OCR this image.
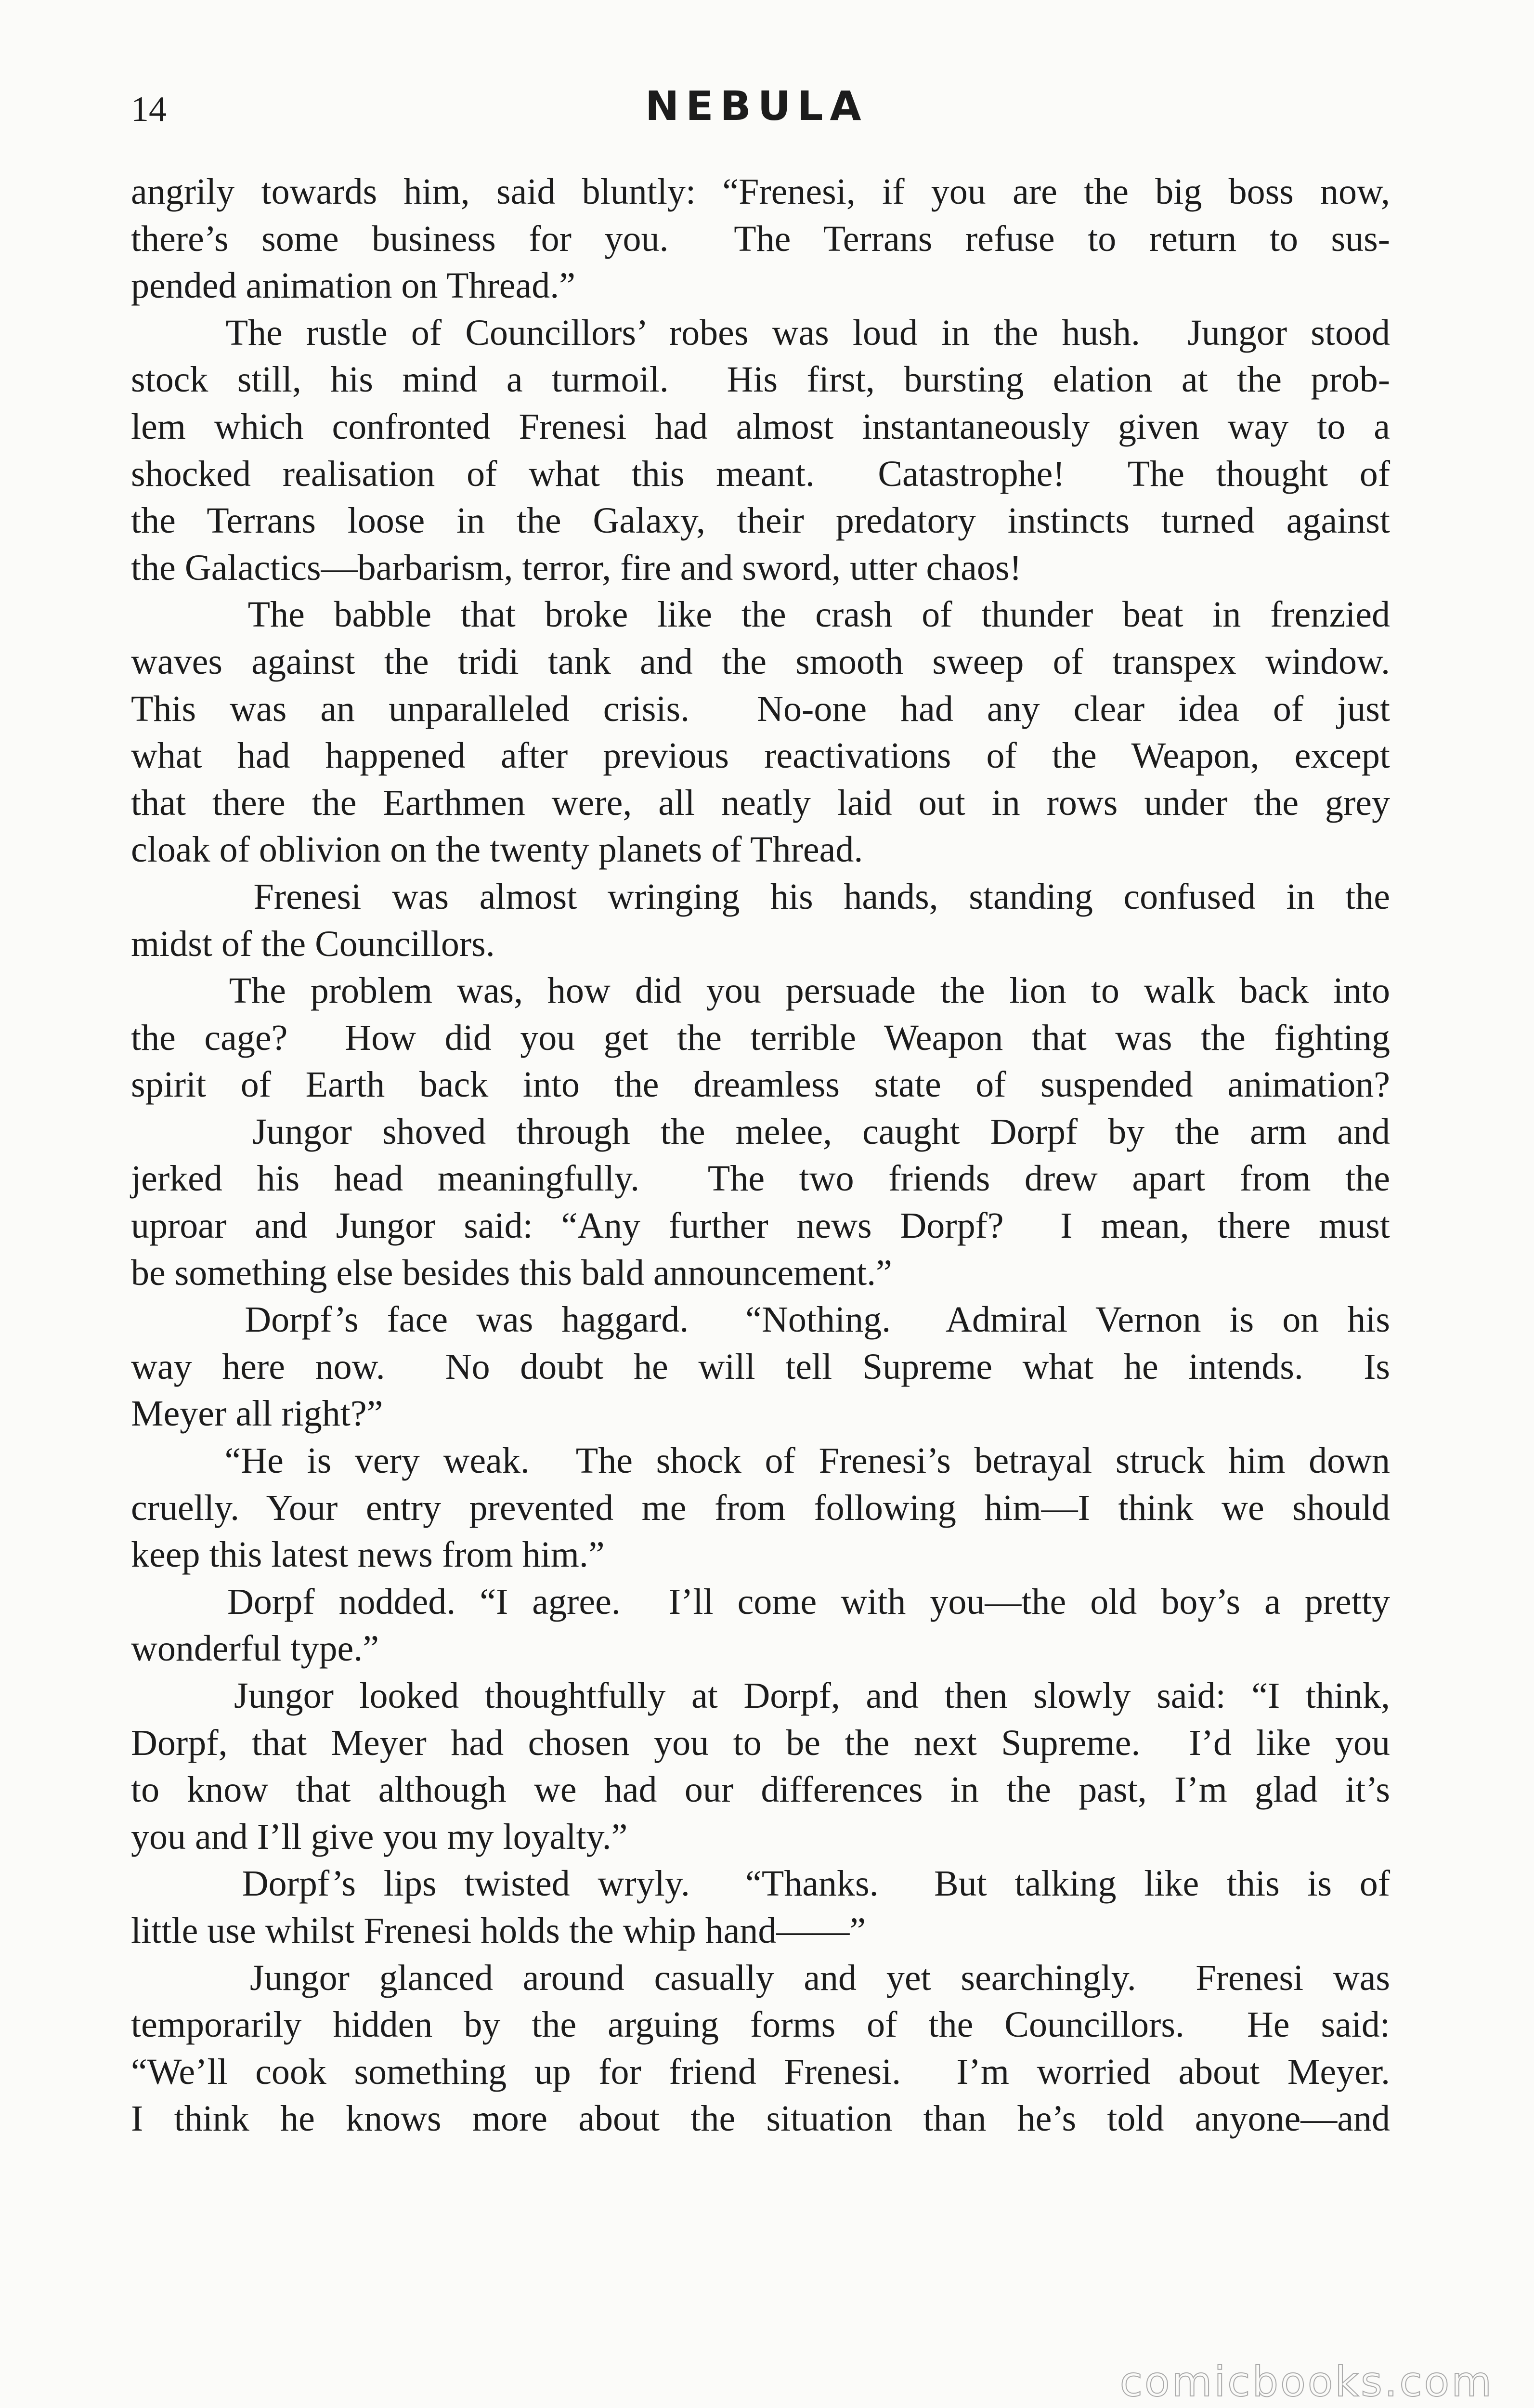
14	NEBULA
angrily towards him, said bluntly: “Frenesi, if you are the big boss now,
there’s some business for you.  The Terrans refuse to return to sus-
pended animation on Thread.”
The rustle of Councillors’ robes was loud in the hush.  Jungor stood
stock still, his mind a turmoil.  His first, bursting elation at the prob-
lem which confronted Frenesi had almost instantaneously given way to a
shocked realisation of what this meant.  Catastrophe!  The thought of
the Terrans loose in the Galaxy, their predatory instincts turned against
the Galactics—barbarism, terror, fire and sword, utter chaos!
The babble that broke like the crash of thunder beat in frenzied
waves against the tridi tank and the smooth sweep of transpex window.
This was an unparalleled crisis.  No-one had any clear idea of just
what had happened after previous reactivations of the Weapon, except
that there the Earthmen were, all neatly laid out in rows under the grey
cloak of oblivion on the twenty planets of Thread.
Frenesi was almost wringing his hands, standing confused in the
midst of the Councillors.
The problem was, how did you persuade the lion to walk back into
the cage?  How did you get the terrible Weapon that was the fighting
spirit of Earth back into the dreamless state of suspended animation?
Jungor shoved through the melee, caught Dorpf by the arm and
jerked his head meaningfully.  The two friends drew apart from the
uproar and Jungor said: “Any further news Dorpf?  I mean, there must
be something else besides this bald announcement.”
Dorpf’s face was haggard.  “Nothing.  Admiral Vernon is on his
way here now.  No doubt he will tell Supreme what he intends.  Is
Meyer all right?”
“He is very weak.  The shock of Frenesi’s betrayal struck him down
cruelly. Your entry prevented me from following him—I think we should
keep this latest news from him.”
Dorpf nodded. “I agree.  I’ll come with you—the old boy’s a pretty
wonderful type.”
Jungor looked thoughtfully at Dorpf, and then slowly said: “I think,
Dorpf, that Meyer had chosen you to be the next Supreme.  I’d like you
to know that although we had our differences in the past, I’m glad it’s
you and I’ll give you my loyalty.”
Dorpf’s lips twisted wryly.  “Thanks.  But talking like this is of
little use whilst Frenesi holds the whip hand——”
Jungor glanced around casually and yet searchingly.  Frenesi was
temporarily hidden by the arguing forms of the Councillors.  He said:
“We’ll cook something up for friend Frenesi.  I’m worried about Meyer.
I think he knows more about the situation than he’s told anyone—and
comicbooks.com
